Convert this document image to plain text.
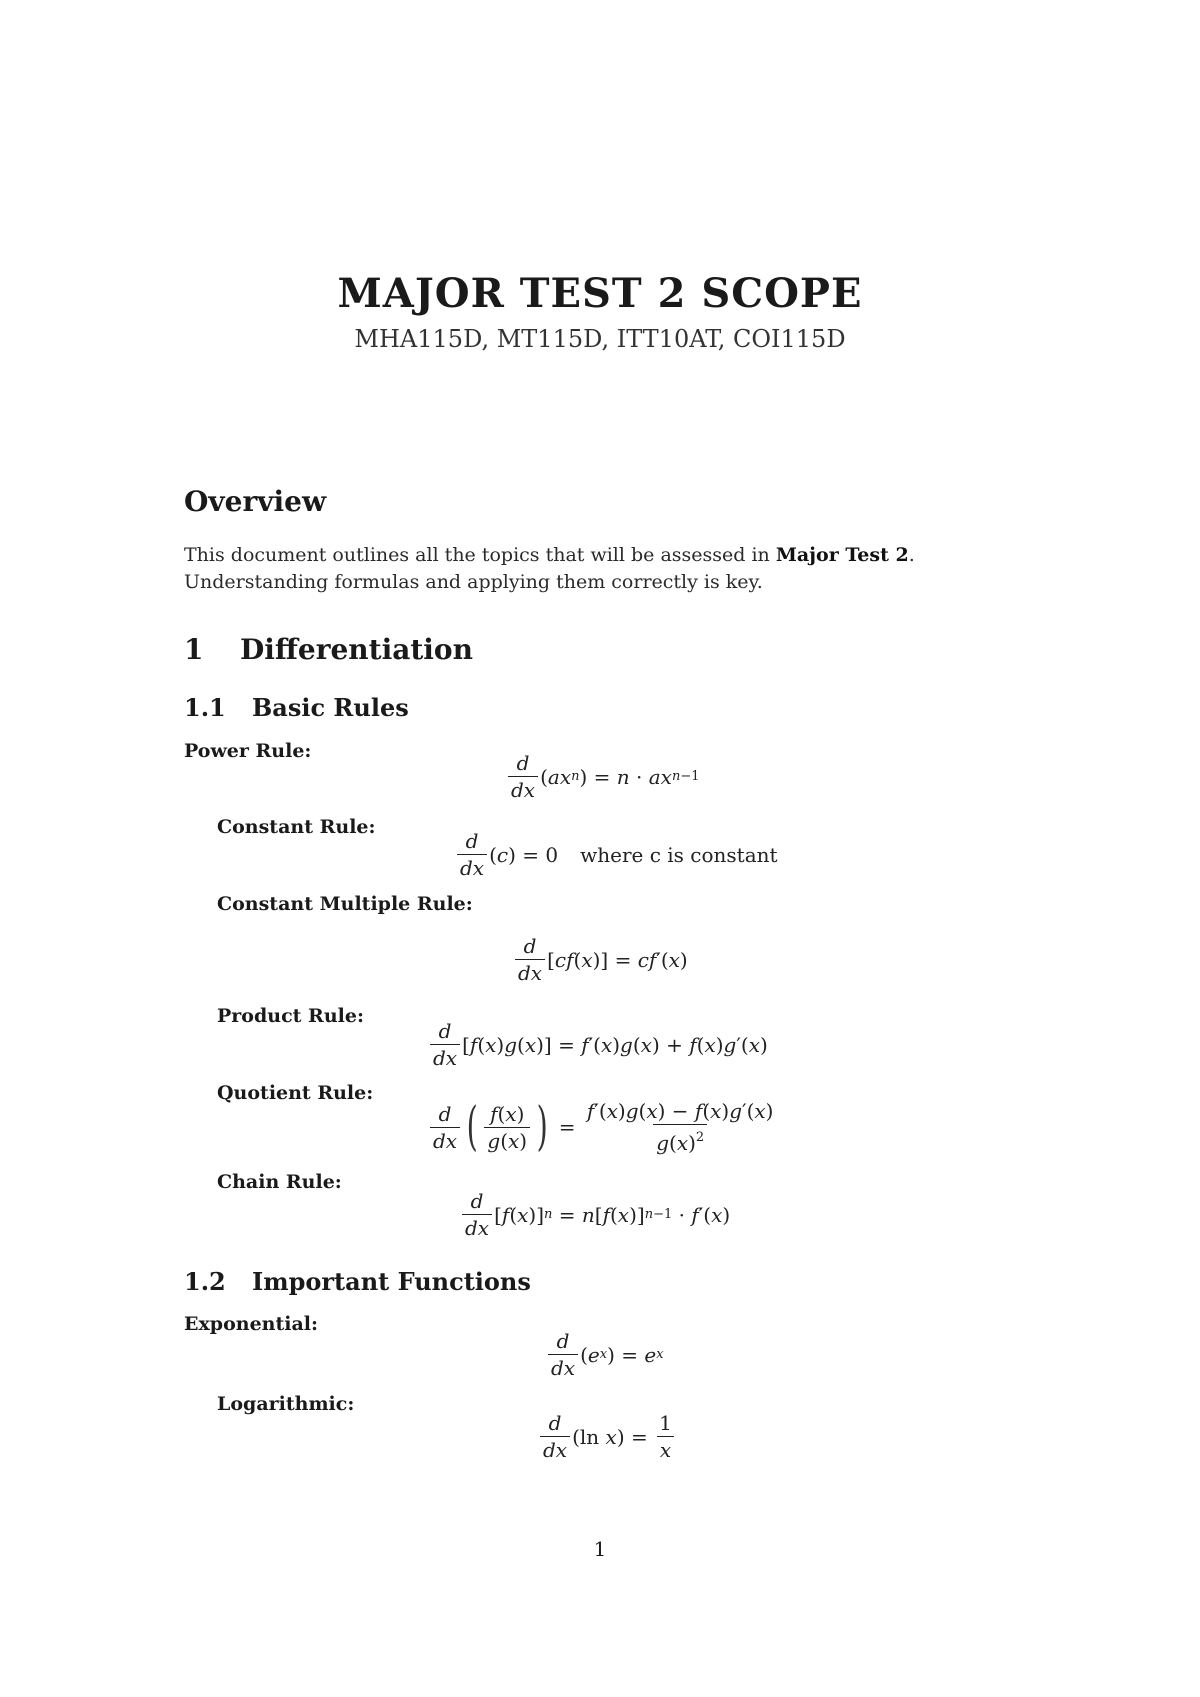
MAJOR TEST 2 SCOPE
MHA115D, MT115D, ITT10AT, COI115D
Overview
This document outlines all the topics that will be assessed in Major Test 2. Understanding formulas and applying them correctly is key.
1 Differentiation
1.1 Basic Rules
Power Rule:
$\frac{d}{dx}$ ( ax n ) = n · ax n−1
Constant Rule:
$\frac{d}{dx}$ ( c ) = 0 where c is constant
Constant Multiple Rule:
$\frac{d}{dx}$ [ cf ( x )] = cf ′( x )
Product Rule:
$\frac{d}{dx}$ [ f ( x ) g ( x )] = f ′( x ) g ( x ) + f ( x ) g ′( x )
Quotient Rule:
$\frac{d}{dx}$ ( $\frac{f(x)}{g(x)}$ ) = $\frac{f'(x)g(x) - f(x)g'(x)}{g(x)^2}$
Chain Rule:
$\frac{d}{dx}$ [ f ( x )] n = n [ f ( x )] n−1 · f ′( x )
1.2 Important Functions
Exponential:
$\frac{d}{dx}$ ( e x ) = e x
Logarithmic:
$\frac{d}{dx} (\ln$ x ) = $\frac{1}{x}$
1
